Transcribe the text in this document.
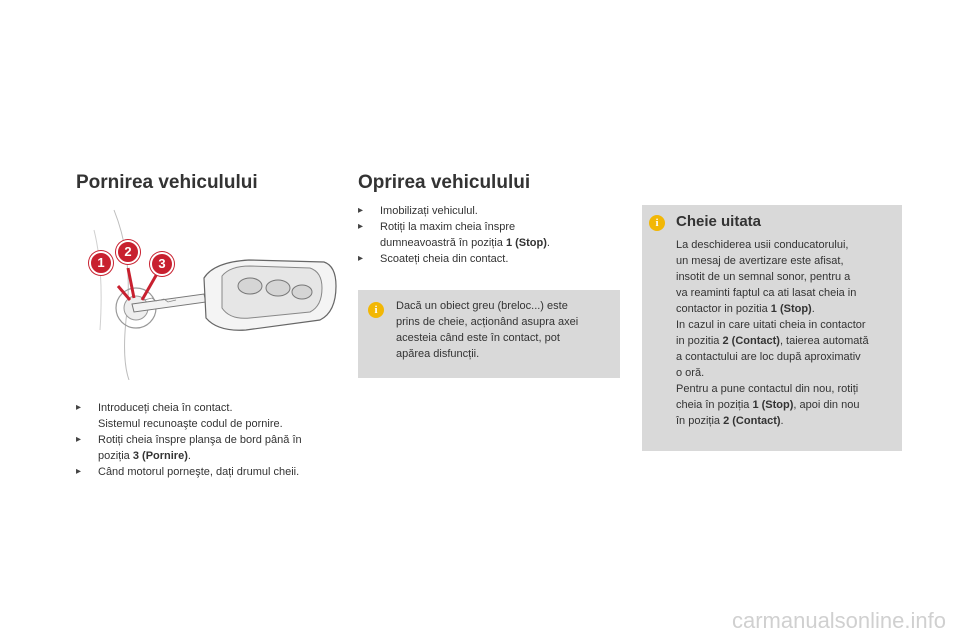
Pornirea vehiculului
1
2
3
▸ Introduceți cheia în contact.
Sistemul recunoaşte codul de pornire.
▸ Rotiți cheia înspre planşa de bord până în
poziția 3 (Pornire).
▸ Când motorul porneşte, dați drumul cheii.
Oprirea vehiculului
▸ Imobilizați vehiculul.
▸ Rotiți la maxim cheia înspre
dumneavoastră în poziția 1 (Stop).
▸ Scoateți cheia din contact.
i	Dacă un obiect greu (breloc...) este
prins de cheie, acționând asupra axei
acesteia când este în contact, pot
apărea disfuncții.

i	Cheie uitata

La deschiderea usii conducatorului,
un mesaj de avertizare este afisat,
insotit de un semnal sonor, pentru a
va reaminti faptul ca ati lasat cheia in
contactor in pozitia 1 (Stop).
In cazul in care uitati cheia in contactor
in pozitia 2 (Contact), taierea automată
a contactului are loc după aproximativ
o oră.
Pentru a pune contactul din nou, rotiți
cheia în poziția 1 (Stop), apoi din nou
în poziția 2 (Contact).

carmanualsonline.info
